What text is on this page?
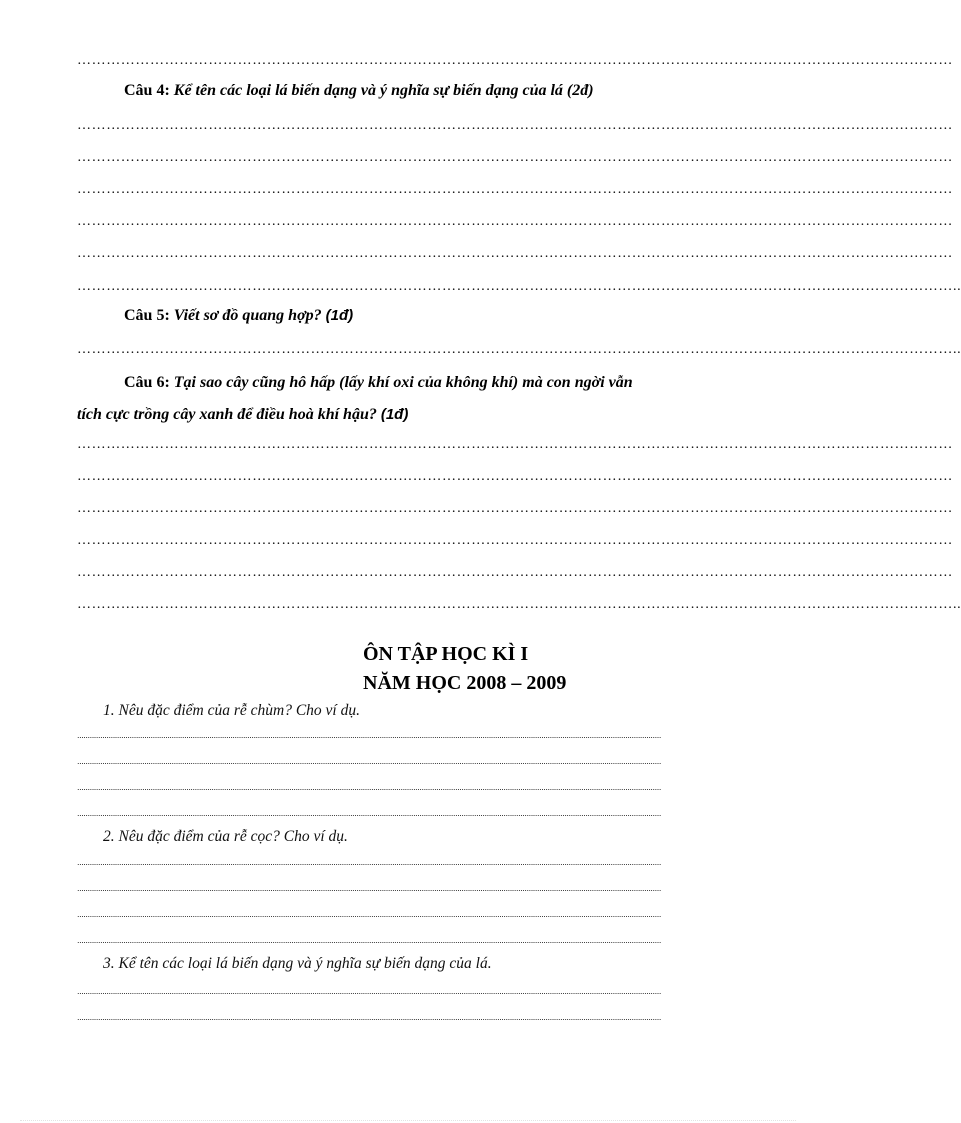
………………………………………………………………………………………………………………………………………………………………
Câu 4: Kể tên các loại lá biến dạng và ý nghĩa sự biến dạng của lá (2đ)
………………………………………………………………………………………………………………………………………………………………
………………………………………………………………………………………………………………………………………………………………
………………………………………………………………………………………………………………………………………………………………
………………………………………………………………………………………………………………………………………………………………
………………………………………………………………………………………………………………………………………………………………
………………………………………………………………………………………………………………………………………………………………..
Câu 5: Viết sơ đồ quang hợp? (1đ)
………………………………………………………………………………………………………………………………………………………………..
Câu 6: Tại sao cây cũng hô hấp (lấy khí oxi của không khí) mà con ngời vẫn
tích cực trồng cây xanh để điều hoà khí hậu? (1đ)
………………………………………………………………………………………………………………………………………………………………
………………………………………………………………………………………………………………………………………………………………
………………………………………………………………………………………………………………………………………………………………
………………………………………………………………………………………………………………………………………………………………
………………………………………………………………………………………………………………………………………………………………
………………………………………………………………………………………………………………………………………………………………..
ÔN TẬP HỌC KÌ I
NĂM HỌC 2008 – 2009
1. Nêu đặc điểm của rễ chùm? Cho ví dụ.
......................................................................................................................................................................................................................................................................................
......................................................................................................................................................................................................................................................................................
......................................................................................................................................................................................................................................................................................
......................................................................................................................................................................................................................................................................................
2. Nêu đặc điểm của rễ cọc? Cho ví dụ.
......................................................................................................................................................................................................................................................................................
......................................................................................................................................................................................................................................................................................
......................................................................................................................................................................................................................................................................................
......................................................................................................................................................................................................................................................................................
3. Kể tên các loại lá biến dạng và ý nghĩa sự biến dạng của lá.
......................................................................................................................................................................................................................................................................................
......................................................................................................................................................................................................................................................................................
